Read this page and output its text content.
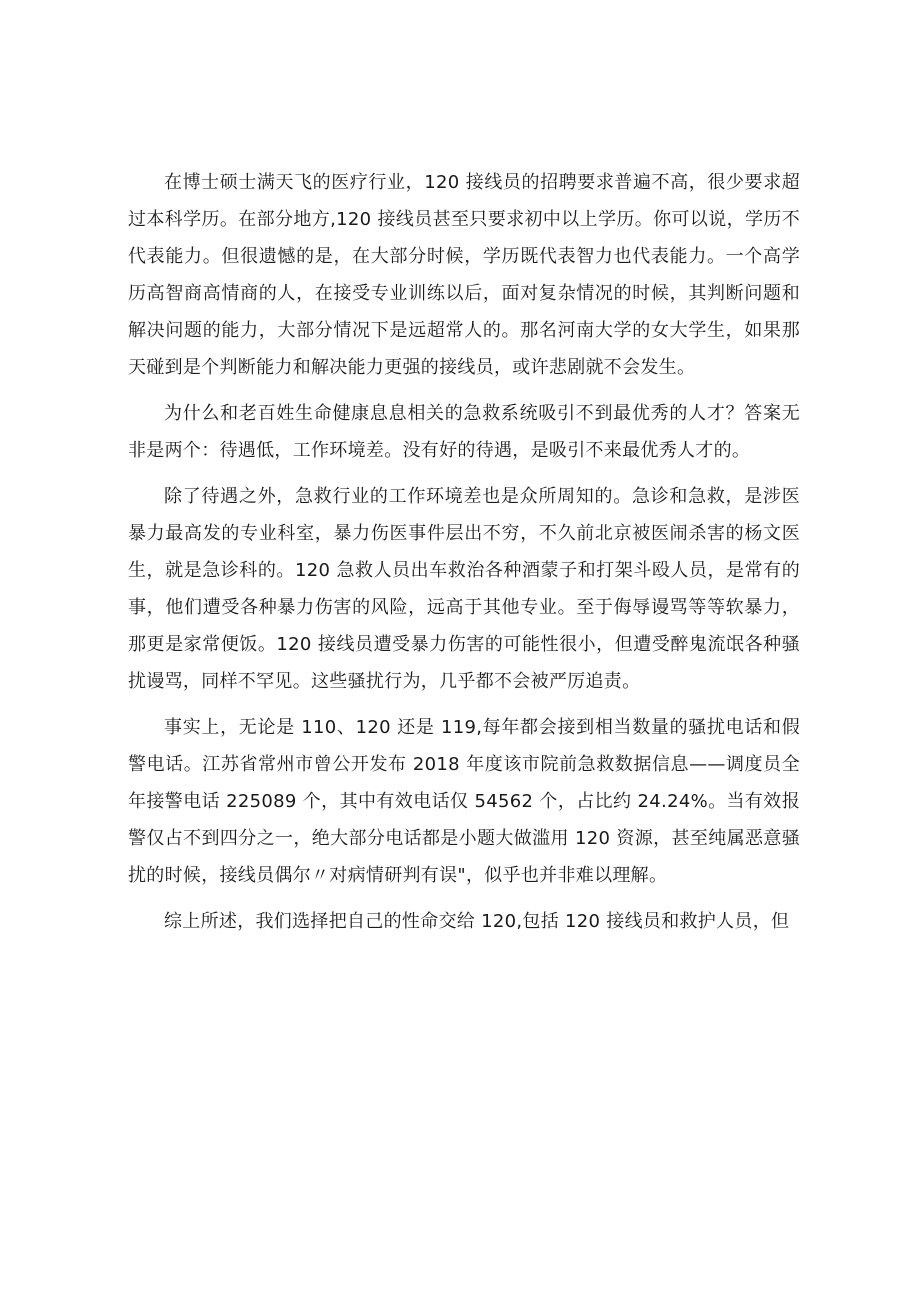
在博士硕士满天飞的医疗行业，120 接线员的招聘要求普遍不高，很少要求超过本科学历。在部分地方,120 接线员甚至只要求初中以上学历。你可以说，学历不代表能力。但很遗憾的是，在大部分时候，学历既代表智力也代表能力。一个高学历高智商高情商的人，在接受专业训练以后，面对复杂情况的时候，其判断问题和解决问题的能力，大部分情况下是远超常人的。那名河南大学的女大学生，如果那天碰到是个判断能力和解决能力更强的接线员，或许悲剧就不会发生。

为什么和老百姓生命健康息息相关的急救系统吸引不到最优秀的人才？答案无非是两个：待遇低，工作环境差。没有好的待遇，是吸引不来最优秀人才的。

除了待遇之外，急救行业的工作环境差也是众所周知的。急诊和急救，是涉医暴力最高发的专业科室，暴力伤医事件层出不穷，不久前北京被医闹杀害的杨文医生，就是急诊科的。120 急救人员出车救治各种酒蒙子和打架斗殴人员，是常有的事，他们遭受各种暴力伤害的风险，远高于其他专业。至于侮辱谩骂等等软暴力，那更是家常便饭。120 接线员遭受暴力伤害的可能性很小，但遭受醉鬼流氓各种骚扰谩骂，同样不罕见。这些骚扰行为，几乎都不会被严厉追责。

事实上，无论是 110、120 还是 119,每年都会接到相当数量的骚扰电话和假警电话。江苏省常州市曾公开发布 2018 年度该市院前急救数据信息——调度员全年接警电话 225089 个，其中有效电话仅 54562 个，占比约 24.24%。当有效报警仅占不到四分之一，绝大部分电话都是小题大做滥用 120 资源，甚至纯属恶意骚扰的时候，接线员偶尔〃对病情研判有误"，似乎也并非难以理解。

综上所述，我们选择把自己的性命交给 120,包括 120 接线员和救护人员，但
